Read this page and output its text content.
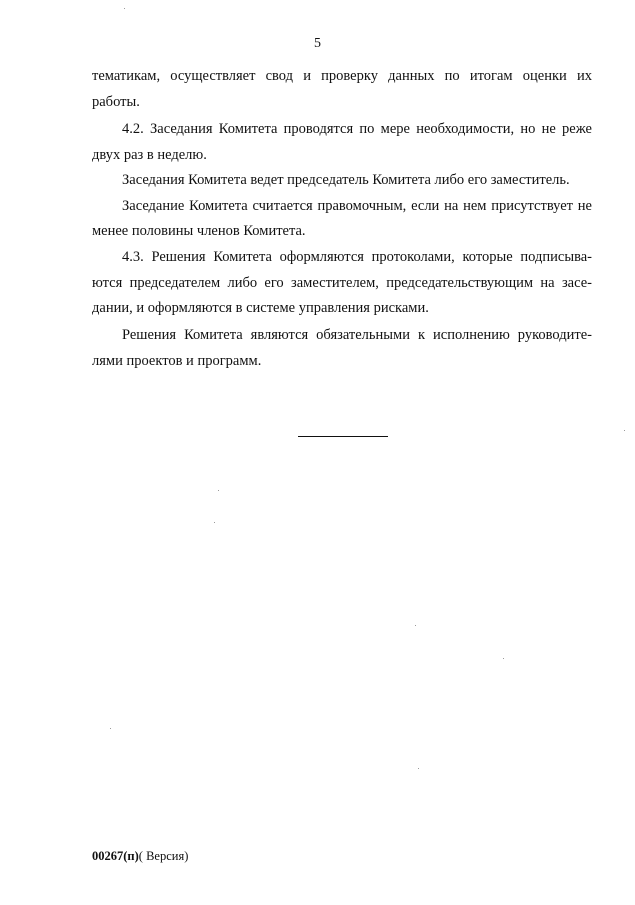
5
тематикам, осуществляет свод и проверку данных по итогам оценки их
работы.
4.2. Заседания Комитета проводятся по мере необходимости, но не реже
двух раз в неделю.
Заседания Комитета ведет председатель Комитета либо его заместитель.
Заседание Комитета считается правомочным, если на нем присутствует не
менее половины членов Комитета.
4.3. Решения Комитета оформляются протоколами, которые подписыва-
ются председателем либо его заместителем, председательствующим на засе-
дании, и оформляются в системе управления рисками.
Решения Комитета являются обязательными к исполнению руководите-
лями проектов и программ.
00267(п)( Версия)
